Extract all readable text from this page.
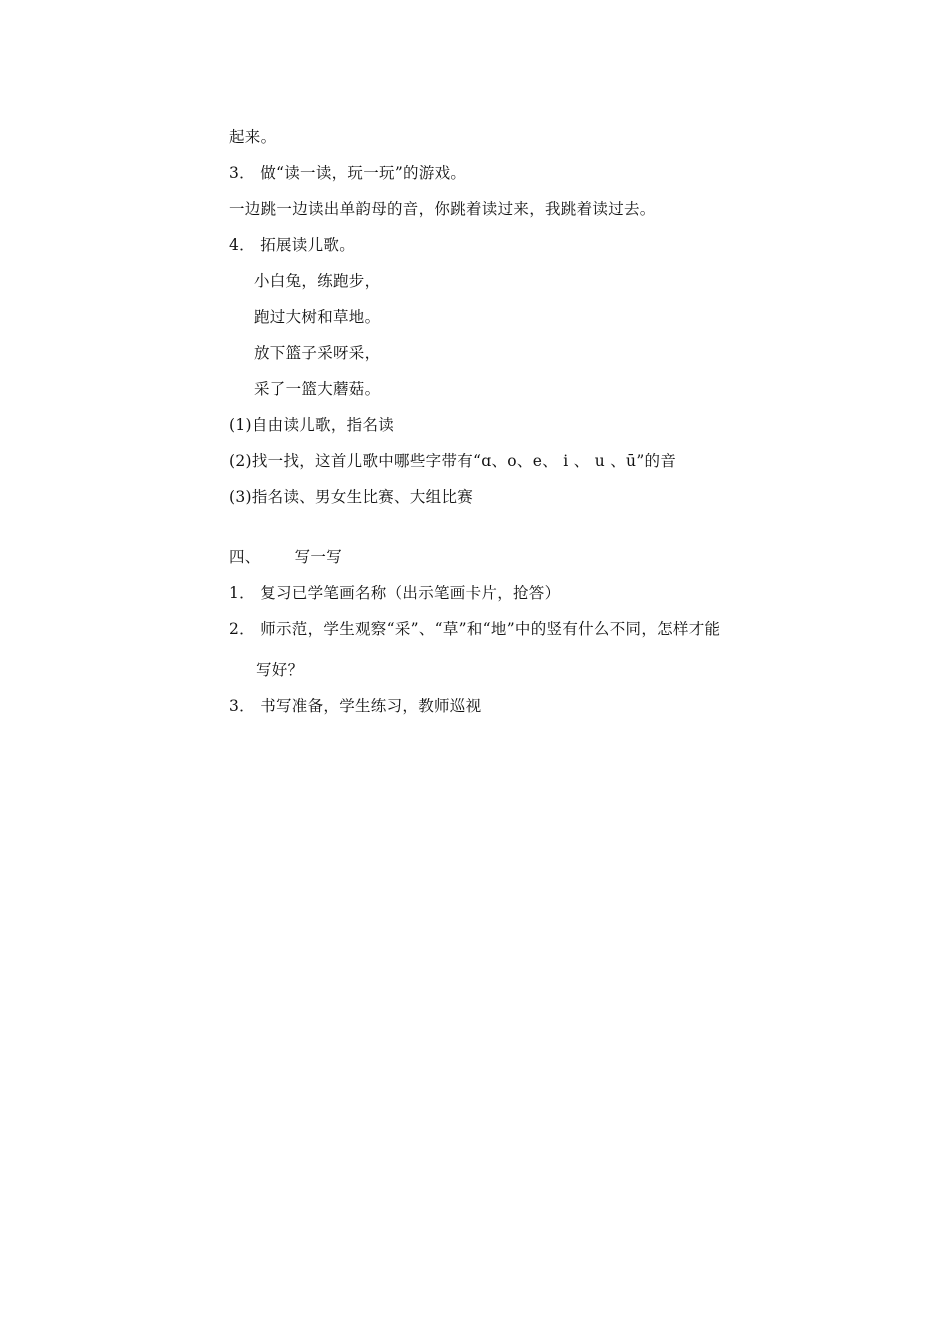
起来。
3． 做“读一读，玩一玩”的游戏。
一边跳一边读出单韵母的音，你跳着读过来，我跳着读过去。
4． 拓展读儿歌。
小白兔，练跑步，
跑过大树和草地。
放下篮子采呀采，
采了一篮大蘑菇。
(1)自由读儿歌，指名读
(2)找一找，这首儿歌中哪些字带有“ɑ、o、e、 i 、 u 、ū”的音
(3)指名读、男女生比赛、大组比赛
四、 写一写
1． 复习已学笔画名称（出示笔画卡片，抢答）
2． 师示范，学生观察“采”、“草”和“地”中的竖有什么不同，怎样才能
写好？
3． 书写准备，学生练习，教师巡视
